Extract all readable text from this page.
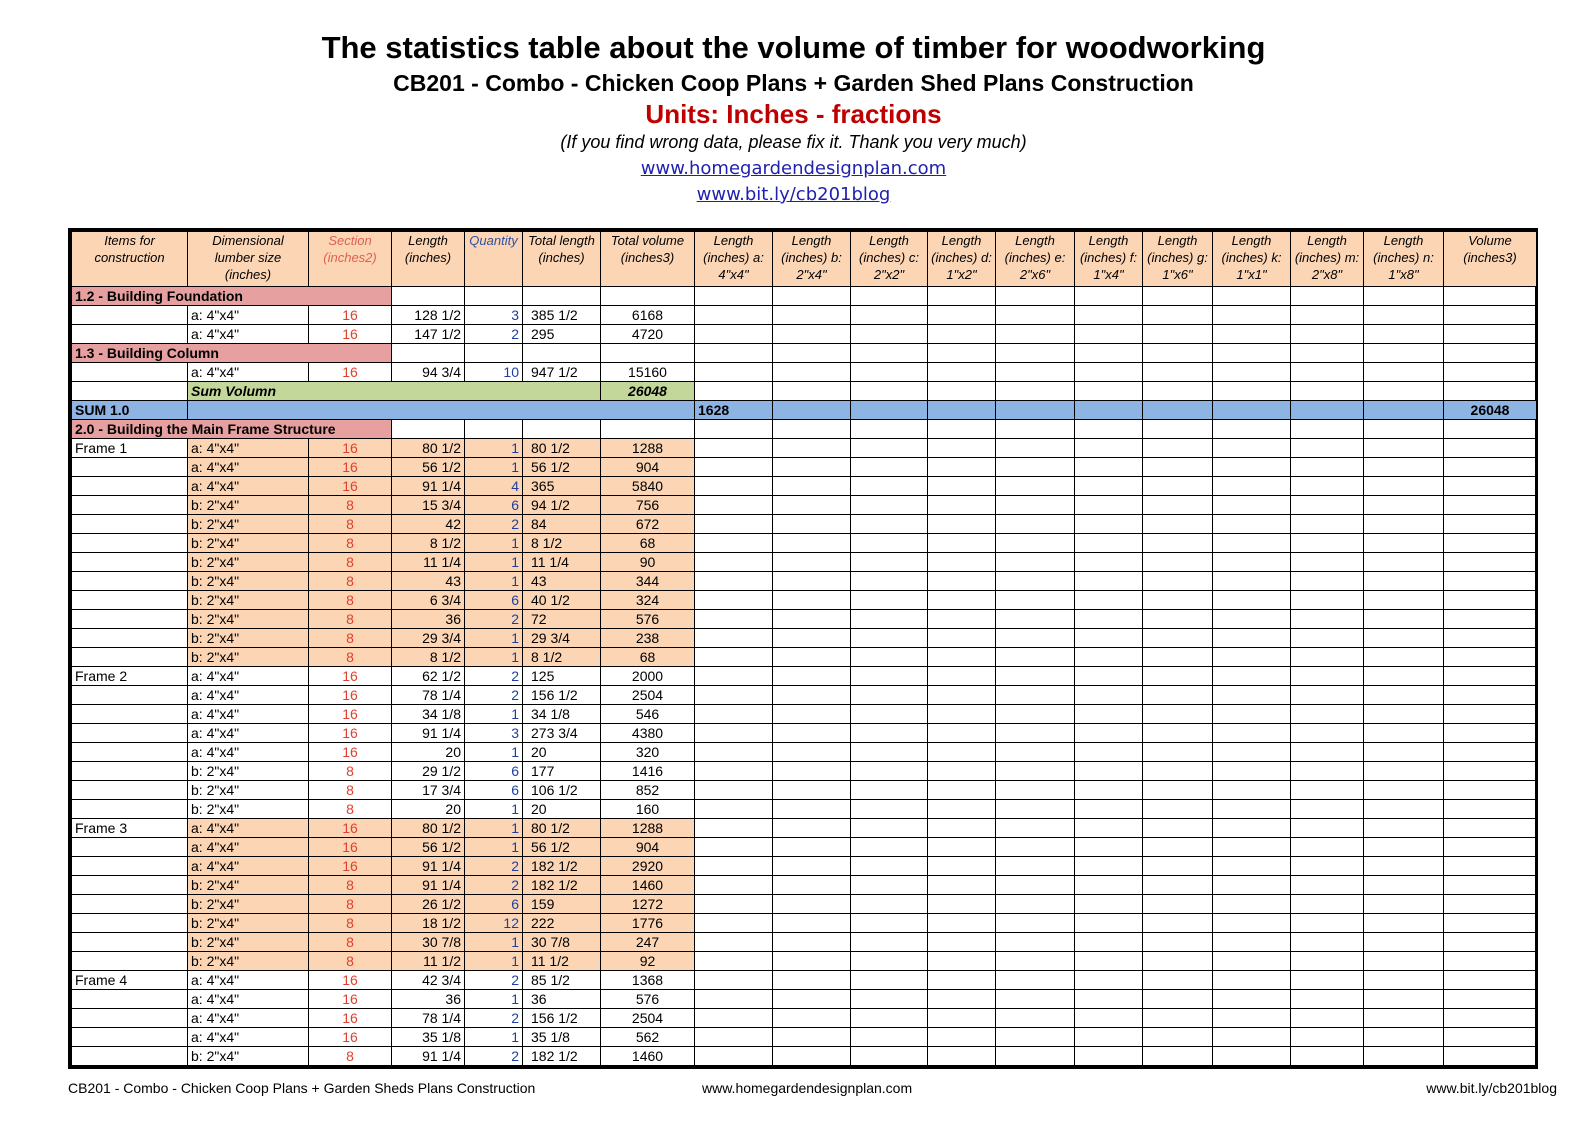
The statistics table about the volume of timber for woodworking
CB201 - Combo - Chicken Coop Plans + Garden Shed Plans Construction
Units: Inches - fractions
(If you find wrong data, please fix it. Thank you very much)
www.homegardendesignplan.com
www.bit.ly/cb201blog
Items for construction	Dimensional lumber size (inches)	Section (inches2)	Length (inches)	Quantity	Total length (inches)	Total volume (inches3)	Length (inches) a: 4"x4"	Length (inches) b: 2"x4"	Length (inches) c: 2"x2"	Length (inches) d: 1"x2"	Length (inches) e: 2"x6"	Length (inches) f: 1"x4"	Length (inches) g: 1"x6"	Length (inches) k: 1"x1"	Length (inches) m: 2"x8"	Length (inches) n: 1"x8"	Volume (inches3)
1.2 - Building Foundation																	
	a: 4"x4"	16	128 1/2	3	385 1/2	6168											
	a: 4"x4"	16	147 1/2	2	295	4720											
1.3 - Building Column																	
	a: 4"x4"	16	94 3/4	10	947 1/2	15160											
	Sum Volumn					26048											
SUM 1.0							1628										26048
2.0 - Building the Main Frame Structure																	
Frame 1	a: 4"x4"	16	80 1/2	1	80 1/2	1288											
	a: 4"x4"	16	56 1/2	1	56 1/2	904											
	a: 4"x4"	16	91 1/4	4	365	5840											
	b: 2"x4"	8	15 3/4	6	94 1/2	756											
	b: 2"x4"	8	42	2	84	672											
	b: 2"x4"	8	8 1/2	1	8 1/2	68											
	b: 2"x4"	8	11 1/4	1	11 1/4	90											
	b: 2"x4"	8	43	1	43	344											
	b: 2"x4"	8	6 3/4	6	40 1/2	324											
	b: 2"x4"	8	36	2	72	576											
	b: 2"x4"	8	29 3/4	1	29 3/4	238											
	b: 2"x4"	8	8 1/2	1	8 1/2	68											
Frame 2	a: 4"x4"	16	62 1/2	2	125	2000											
	a: 4"x4"	16	78 1/4	2	156 1/2	2504											
	a: 4"x4"	16	34 1/8	1	34 1/8	546											
	a: 4"x4"	16	91 1/4	3	273 3/4	4380											
	a: 4"x4"	16	20	1	20	320											
	b: 2"x4"	8	29 1/2	6	177	1416											
	b: 2"x4"	8	17 3/4	6	106 1/2	852											
	b: 2"x4"	8	20	1	20	160											
Frame 3	a: 4"x4"	16	80 1/2	1	80 1/2	1288											
	a: 4"x4"	16	56 1/2	1	56 1/2	904											
	a: 4"x4"	16	91 1/4	2	182 1/2	2920											
	b: 2"x4"	8	91 1/4	2	182 1/2	1460											
	b: 2"x4"	8	26 1/2	6	159	1272											
	b: 2"x4"	8	18 1/2	12	222	1776											
	b: 2"x4"	8	30 7/8	1	30 7/8	247											
	b: 2"x4"	8	11 1/2	1	11 1/2	92											
Frame 4	a: 4"x4"	16	42 3/4	2	85 1/2	1368											
	a: 4"x4"	16	36	1	36	576											
	a: 4"x4"	16	78 1/4	2	156 1/2	2504											
	a: 4"x4"	16	35 1/8	1	35 1/8	562											
	b: 2"x4"	8	91 1/4	2	182 1/2	1460											
CB201 - Combo - Chicken Coop Plans + Garden Sheds Plans Construction	www.homegardendesignplan.com	www.bit.ly/cb201blog
